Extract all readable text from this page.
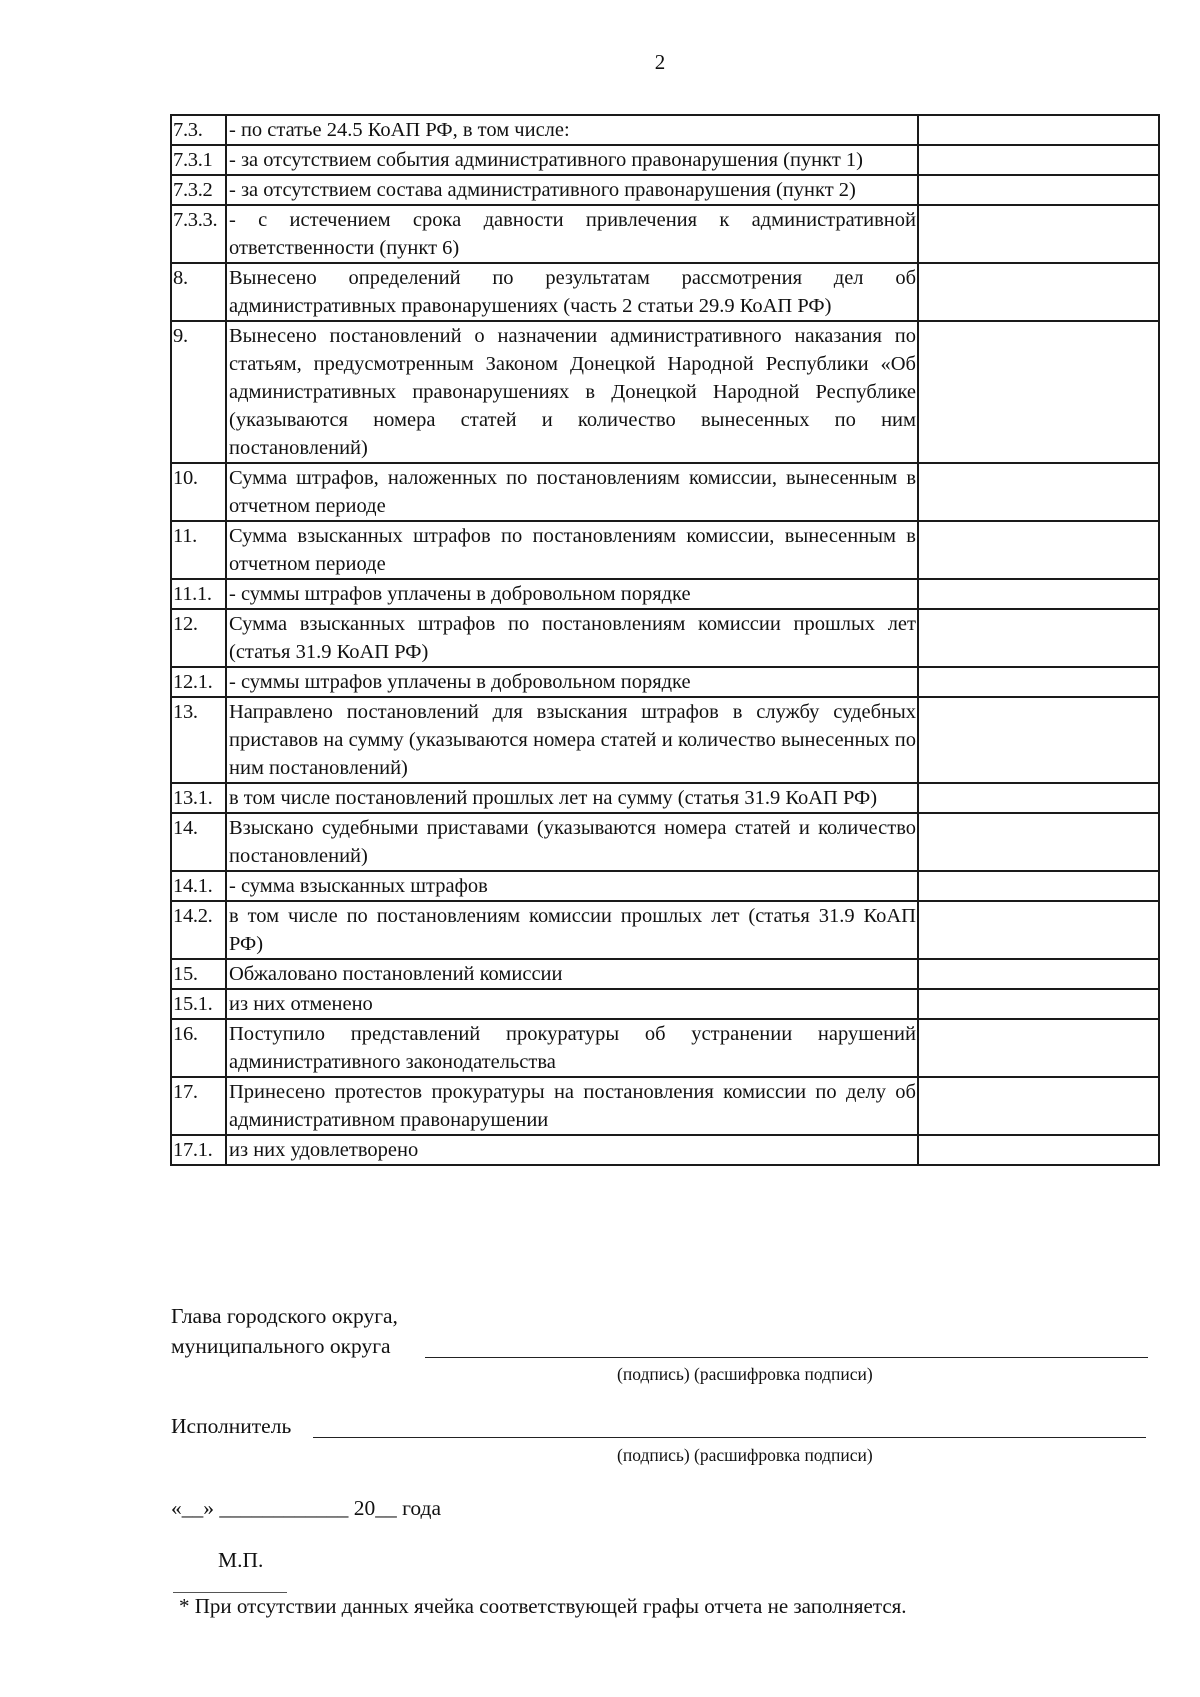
2
7.3.	- по статье 24.5 КоАП РФ, в том числе:	
7.3.1	- за отсутствием события административного правонарушения (пункт 1)	
7.3.2	- за отсутствием состава административного правонарушения (пункт 2)	
7.3.3.	- с истечением срока давности привлечения к административной ответственности (пункт 6)	
8.	Вынесено определений по результатам рассмотрения дел об административных правонарушениях (часть 2 статьи 29.9 КоАП РФ)	
9.	Вынесено постановлений о назначении административного наказания по статьям, предусмотренным Законом Донецкой Народной Республики «Об административных правонарушениях в Донецкой Народной Республике (указываются номера статей и количество вынесенных по ним постановлений)	
10.	Сумма штрафов, наложенных по постановлениям комиссии, вынесенным в отчетном периоде	
11.	Сумма взысканных штрафов по постановлениям комиссии, вынесенным в отчетном периоде	
11.1.	- суммы штрафов уплачены в добровольном порядке	
12.	Сумма взысканных штрафов по постановлениям комиссии прошлых лет (статья 31.9 КоАП РФ)	
12.1.	- суммы штрафов уплачены в добровольном порядке	
13.	Направлено постановлений для взыскания штрафов в службу судебных приставов на сумму (указываются номера статей и количество вынесенных по ним постановлений)	
13.1.	в том числе постановлений прошлых лет на сумму (статья 31.9 КоАП РФ)	
14.	Взыскано судебными приставами (указываются номера статей и количество постановлений)	
14.1.	- сумма взысканных штрафов	
14.2.	в том числе по постановлениям комиссии прошлых лет (статья 31.9 КоАП РФ)	
15.	Обжаловано постановлений комиссии	
15.1.	из них отменено	
16.	Поступило представлений прокуратуры об устранении нарушений административного законодательства	
17.	Принесено протестов прокуратуры на постановления комиссии по делу об административном правонарушении	
17.1.	из них удовлетворено	
Глава городского округа,
муниципального округа
(подпись) (расшифровка подписи)
Исполнитель
(подпись) (расшифровка подписи)
«__» ____________ 20__ года
М.П.
* При отсутствии данных ячейка соответствующей графы отчета не заполняется.
